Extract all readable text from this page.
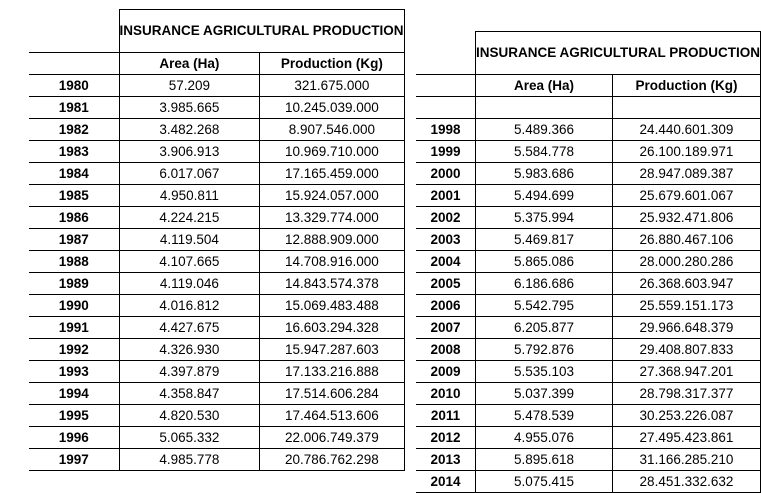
	INSURANCE AGRICULTURAL PRODUCTION	
	Area (Ha)	Production (Kg)
1980	57.209	321.675.000
1981	3.985.665	10.245.039.000
1982	3.482.268	8.907.546.000
1983	3.906.913	10.969.710.000
1984	6.017.067	17.165.459.000
1985	4.950.811	15.924.057.000
1986	4.224.215	13.329.774.000
1987	4.119.504	12.888.909.000
1988	4.107.665	14.708.916.000
1989	4.119.046	14.843.574.378
1990	4.016.812	15.069.483.488
1991	4.427.675	16.603.294.328
1992	4.326.930	15.947.287.603
1993	4.397.879	17.133.216.888
1994	4.358.847	17.514.606.284
1995	4.820.530	17.464.513.606
1996	5.065.332	22.006.749.379
1997	4.985.778	20.786.762.298
	INSURANCE AGRICULTURAL PRODUCTION	
	Area (Ha)	Production (Kg)

1998	5.489.366	24.440.601.309
1999	5.584.778	26.100.189.971
2000	5.983.686	28.947.089.387
2001	5.494.699	25.679.601.067
2002	5.375.994	25.932.471.806
2003	5.469.817	26.880.467.106
2004	5.865.086	28.000.280.286
2005	6.186.686	26.368.603.947
2006	5.542.795	25.559.151.173
2007	6.205.877	29.966.648.379
2008	5.792.876	29.408.807.833
2009	5.535.103	27.368.947.201
2010	5.037.399	28.798.317.377
2011	5.478.539	30.253.226.087
2012	4.955.076	27.495.423.861
2013	5.895.618	31.166.285.210
2014	5.075.415	28.451.332.632
